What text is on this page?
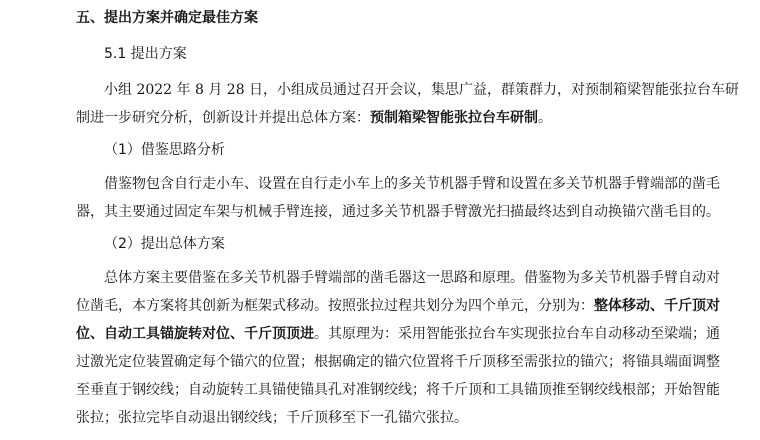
五、提出方案并确定最佳方案
5.1 提出方案
小组 2022 年 8 月 28 日，小组成员通过召开会议，集思广益，群策群力，对预制箱梁智能张拉台车研
制进一步研究分析，创新设计并提出总体方案：预制箱梁智能张拉台车研制。
（1）借鉴思路分析
借鉴物包含自行走小车、设置在自行走小车上的多关节机器手臂和设置在多关节机器手臂端部的凿毛
器，其主要通过固定车架与机械手臂连接，通过多关节机器手臂激光扫描最终达到自动换锚穴凿毛目的。
（2）提出总体方案
总体方案主要借鉴在多关节机器手臂端部的凿毛器这一思路和原理。借鉴物为多关节机器手臂自动对
位凿毛，本方案将其创新为框架式移动。按照张拉过程共划分为四个单元，分别为：整体移动、千斤顶对
位、自动工具锚旋转对位、千斤顶顶进。其原理为：采用智能张拉台车实现张拉台车自动移动至梁端；通
过激光定位装置确定每个锚穴的位置；根据确定的锚穴位置将千斤顶移至需张拉的锚穴；将锚具端面调整
至垂直于钢绞线；自动旋转工具锚使锚具孔对准钢绞线；将千斤顶和工具锚顶推至钢绞线根部；开始智能
张拉；张拉完毕自动退出钢绞线；千斤顶移至下一孔锚穴张拉。
